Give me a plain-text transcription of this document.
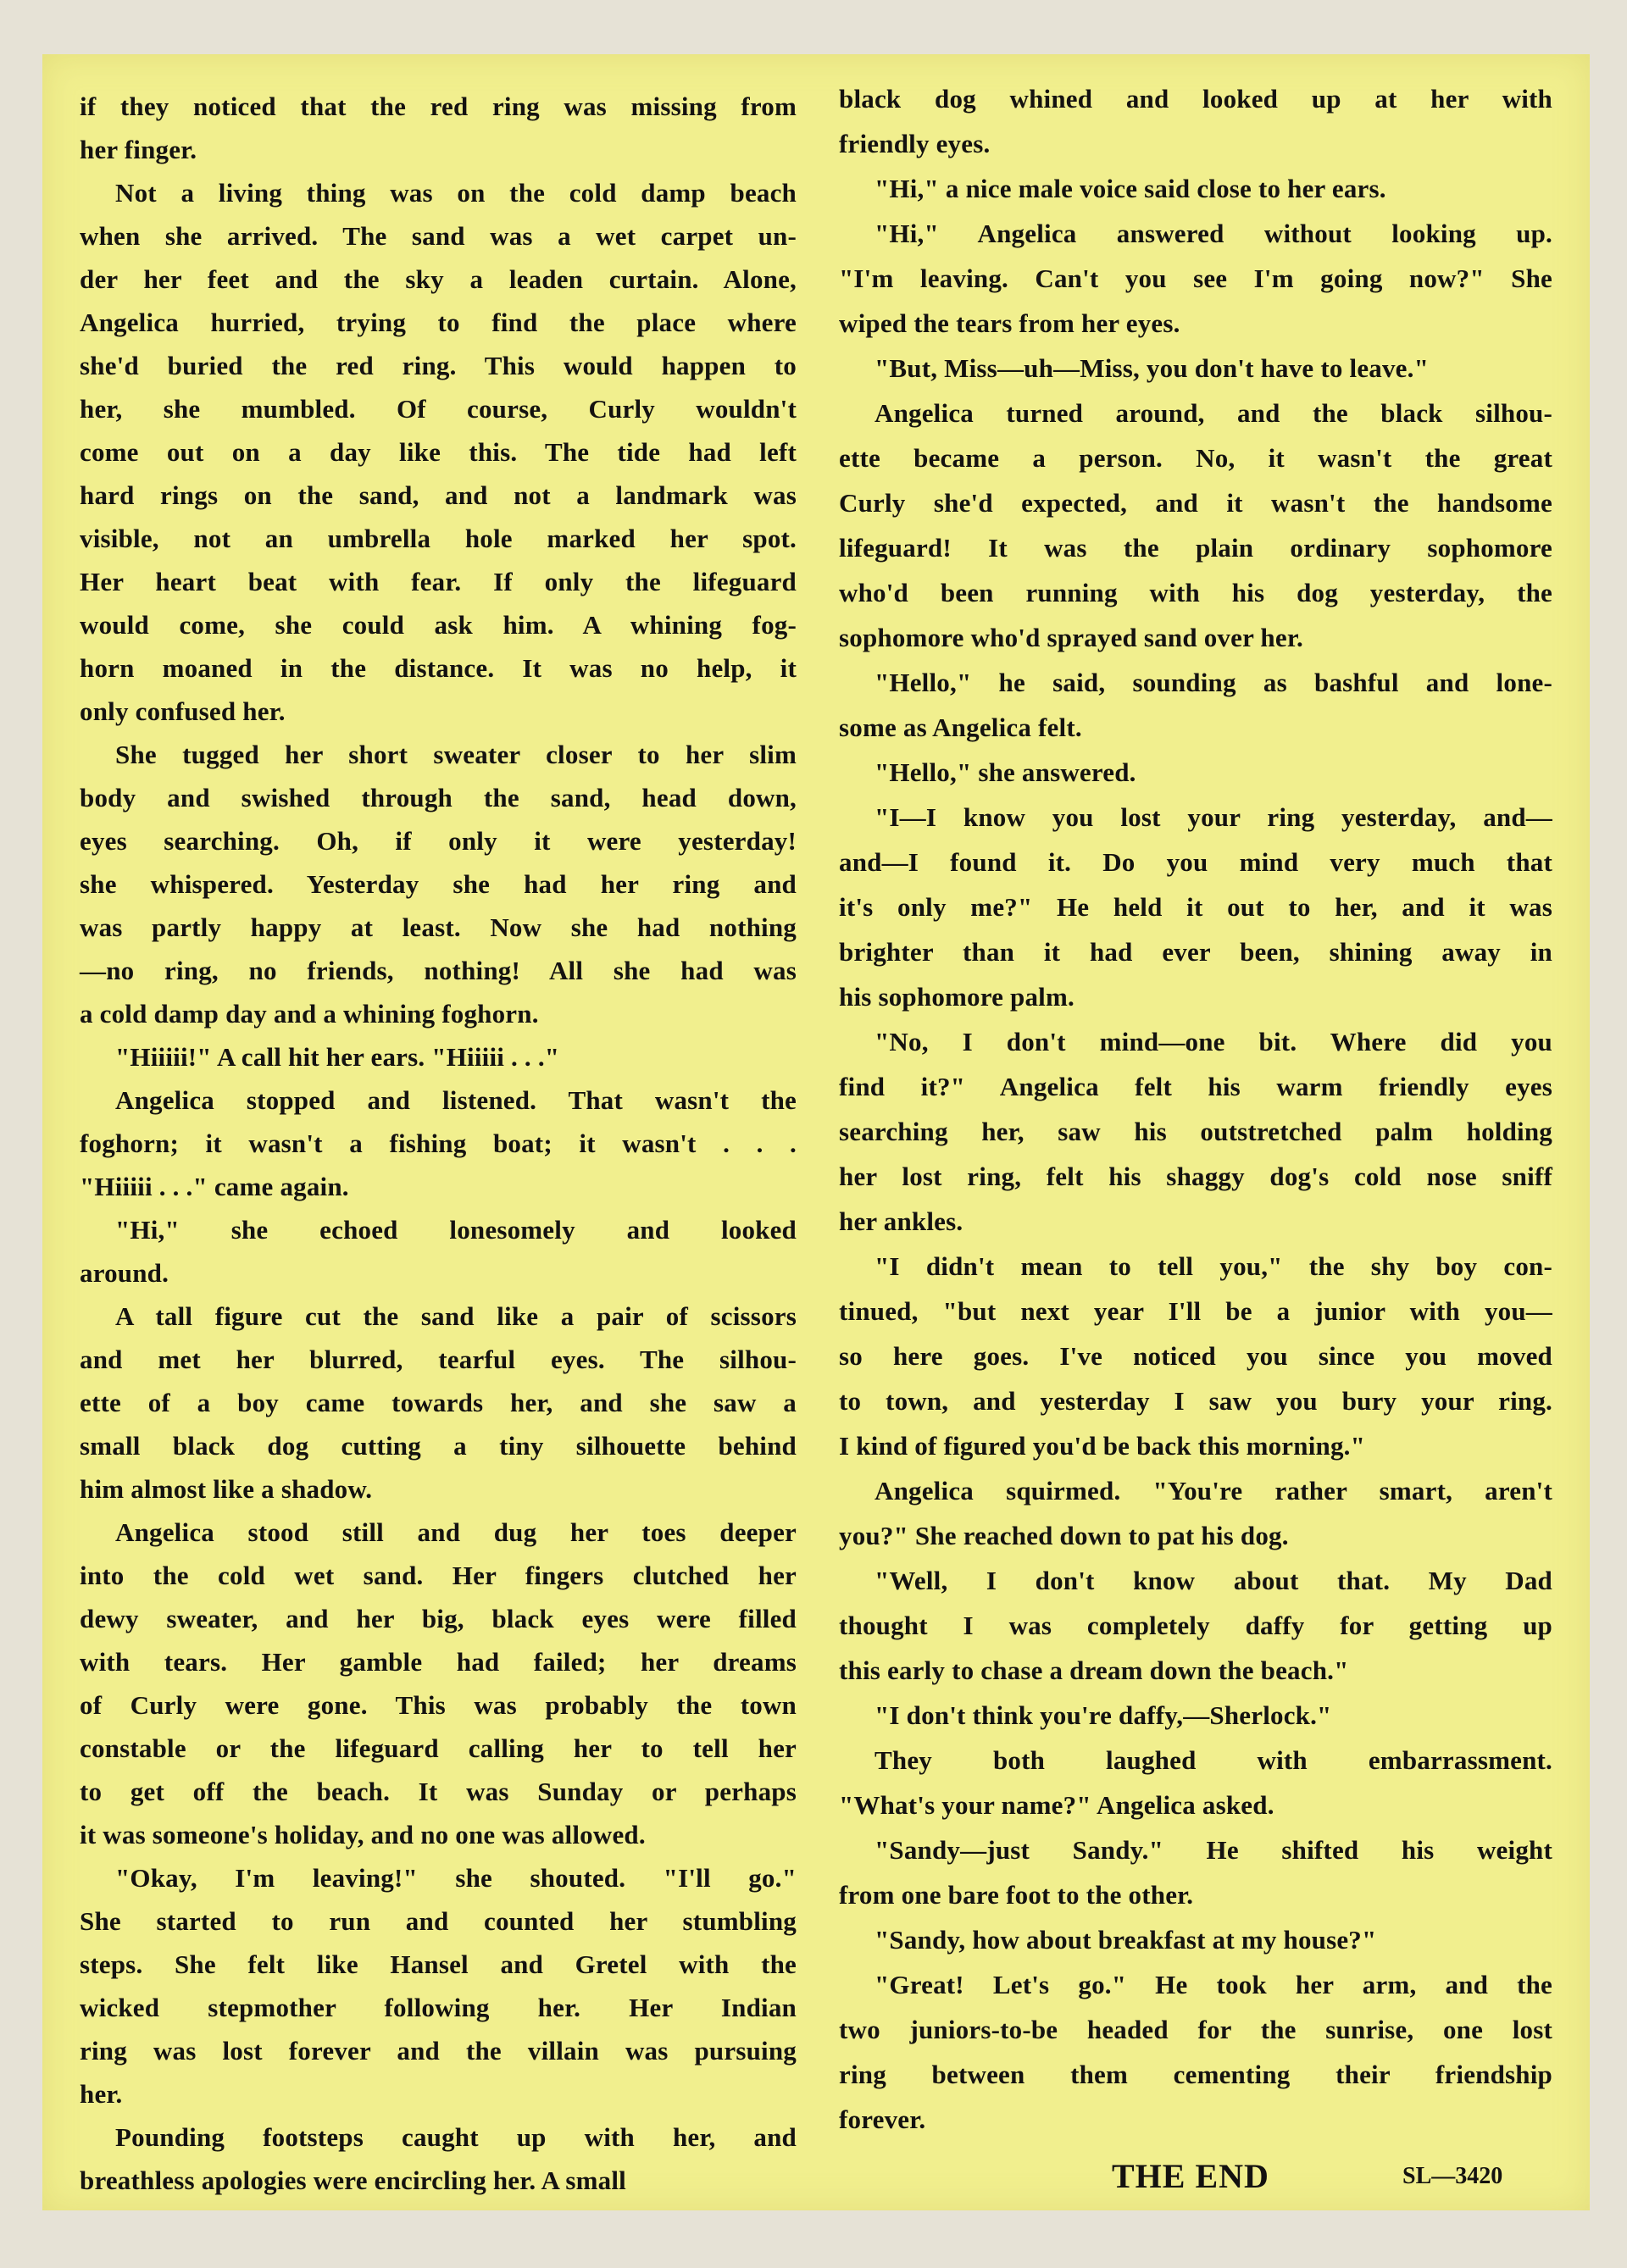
if they noticed that the red ring was missing from
her finger.
Not a living thing was on the cold damp beach
when she arrived. The sand was a wet carpet un-
der her feet and the sky a leaden curtain. Alone,
Angelica hurried, trying to find the place where
she'd buried the red ring. This would happen to
her, she mumbled. Of course, Curly wouldn't
come out on a day like this. The tide had left
hard rings on the sand, and not a landmark was
visible, not an umbrella hole marked her spot.
Her heart beat with fear. If only the lifeguard
would come, she could ask him. A whining fog-
horn moaned in the distance. It was no help, it
only confused her.
She tugged her short sweater closer to her slim
body and swished through the sand, head down,
eyes searching. Oh, if only it were yesterday!
she whispered. Yesterday she had her ring and
was partly happy at least. Now she had nothing
—no ring, no friends, nothing! All she had was
a cold damp day and a whining foghorn.
"Hiiiii!" A call hit her ears. "Hiiiii . . ."
Angelica stopped and listened. That wasn't the
foghorn; it wasn't a fishing boat; it wasn't . . .
"Hiiiii . . ." came again.
"Hi," she echoed lonesomely and looked
around.
A tall figure cut the sand like a pair of scissors
and met her blurred, tearful eyes. The silhou-
ette of a boy came towards her, and she saw a
small black dog cutting a tiny silhouette behind
him almost like a shadow.
Angelica stood still and dug her toes deeper
into the cold wet sand. Her fingers clutched her
dewy sweater, and her big, black eyes were filled
with tears. Her gamble had failed; her dreams
of Curly were gone. This was probably the town
constable or the lifeguard calling her to tell her
to get off the beach. It was Sunday or perhaps
it was someone's holiday, and no one was allowed.
"Okay, I'm leaving!" she shouted. "I'll go."
She started to run and counted her stumbling
steps. She felt like Hansel and Gretel with the
wicked stepmother following her. Her Indian
ring was lost forever and the villain was pursuing
her.
Pounding footsteps caught up with her, and
breathless apologies were encircling her. A small
black dog whined and looked up at her with
friendly eyes.
"Hi," a nice male voice said close to her ears.
"Hi," Angelica answered without looking up.
"I'm leaving. Can't you see I'm going now?" She
wiped the tears from her eyes.
"But, Miss—uh—Miss, you don't have to leave."
Angelica turned around, and the black silhou-
ette became a person. No, it wasn't the great
Curly she'd expected, and it wasn't the handsome
lifeguard! It was the plain ordinary sophomore
who'd been running with his dog yesterday, the
sophomore who'd sprayed sand over her.
"Hello," he said, sounding as bashful and lone-
some as Angelica felt.
"Hello," she answered.
"I—I know you lost your ring yesterday, and—
and—I found it. Do you mind very much that
it's only me?" He held it out to her, and it was
brighter than it had ever been, shining away in
his sophomore palm.
"No, I don't mind—one bit. Where did you
find it?" Angelica felt his warm friendly eyes
searching her, saw his outstretched palm holding
her lost ring, felt his shaggy dog's cold nose sniff
her ankles.
"I didn't mean to tell you," the shy boy con-
tinued, "but next year I'll be a junior with you—
so here goes. I've noticed you since you moved
to town, and yesterday I saw you bury your ring.
I kind of figured you'd be back this morning."
Angelica squirmed. "You're rather smart, aren't
you?" She reached down to pat his dog.
"Well, I don't know about that. My Dad
thought I was completely daffy for getting up
this early to chase a dream down the beach."
"I don't think you're daffy,—Sherlock."
They both laughed with embarrassment.
"What's your name?" Angelica asked.
"Sandy—just Sandy." He shifted his weight
from one bare foot to the other.
"Sandy, how about breakfast at my house?"
"Great! Let's go." He took her arm, and the
two juniors-to-be headed for the sunrise, one lost
ring between them cementing their friendship
forever.
THE END	SL—3420
